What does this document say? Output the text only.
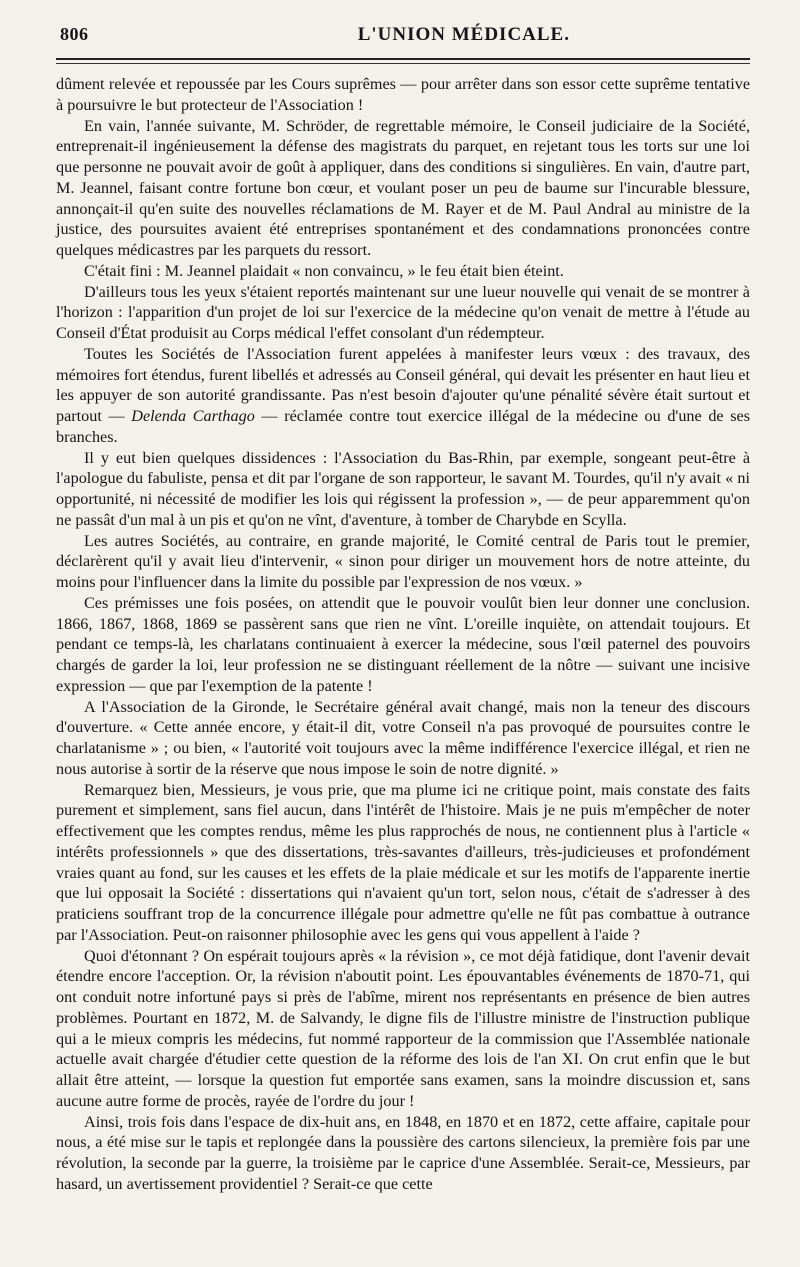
806	L'UNION MÉDICALE.

dûment relevée et repoussée par les Cours suprêmes — pour arrêter dans son essor cette suprême tentative à poursuivre le but protecteur de l'Association !

En vain, l'année suivante, M. Schröder, de regrettable mémoire, le Conseil judiciaire de la Société, entreprenait-il ingénieusement la défense des magistrats du parquet, en rejetant tous les torts sur une loi que personne ne pouvait avoir de goût à appliquer, dans des conditions si singulières. En vain, d'autre part, M. Jeannel, faisant contre fortune bon cœur, et voulant poser un peu de baume sur l'incurable blessure, annonçait-il qu'en suite des nouvelles réclamations de M. Rayer et de M. Paul Andral au ministre de la justice, des poursuites avaient été entreprises spontanément et des condamnations prononcées contre quelques médicastres par les parquets du ressort.

C'était fini : M. Jeannel plaidait « non convaincu, » le feu était bien éteint.

D'ailleurs tous les yeux s'étaient reportés maintenant sur une lueur nouvelle qui venait de se montrer à l'horizon : l'apparition d'un projet de loi sur l'exercice de la médecine qu'on venait de mettre à l'étude au Conseil d'État produisit au Corps médical l'effet consolant d'un rédempteur.

Toutes les Sociétés de l'Association furent appelées à manifester leurs vœux : des travaux, des mémoires fort étendus, furent libellés et adressés au Conseil général, qui devait les présenter en haut lieu et les appuyer de son autorité grandissante. Pas n'est besoin d'ajouter qu'une pénalité sévère était surtout et partout — Delenda Carthago — réclamée contre tout exercice illégal de la médecine ou d'une de ses branches.

Il y eut bien quelques dissidences : l'Association du Bas-Rhin, par exemple, songeant peut-être à l'apologue du fabuliste, pensa et dit par l'organe de son rapporteur, le savant M. Tourdes, qu'il n'y avait « ni opportunité, ni nécessité de modifier les lois qui régissent la profession », — de peur apparemment qu'on ne passât d'un mal à un pis et qu'on ne vînt, d'aventure, à tomber de Charybde en Scylla.

Les autres Sociétés, au contraire, en grande majorité, le Comité central de Paris tout le premier, déclarèrent qu'il y avait lieu d'intervenir, « sinon pour diriger un mouvement hors de notre atteinte, du moins pour l'influencer dans la limite du possible par l'expression de nos vœux. »

Ces prémisses une fois posées, on attendit que le pouvoir voulût bien leur donner une conclusion. 1866, 1867, 1868, 1869 se passèrent sans que rien ne vînt. L'oreille inquiète, on attendait toujours. Et pendant ce temps-là, les charlatans continuaient à exercer la médecine, sous l'œil paternel des pouvoirs chargés de garder la loi, leur profession ne se distinguant réellement de la nôtre — suivant une incisive expression — que par l'exemption de la patente !

A l'Association de la Gironde, le Secrétaire général avait changé, mais non la teneur des discours d'ouverture. « Cette année encore, y était-il dit, votre Conseil n'a pas provoqué de poursuites contre le charlatanisme » ; ou bien, « l'autorité voit toujours avec la même indifférence l'exercice illégal, et rien ne nous autorise à sortir de la réserve que nous impose le soin de notre dignité. »

Remarquez bien, Messieurs, je vous prie, que ma plume ici ne critique point, mais constate des faits purement et simplement, sans fiel aucun, dans l'intérêt de l'histoire. Mais je ne puis m'empêcher de noter effectivement que les comptes rendus, même les plus rapprochés de nous, ne contiennent plus à l'article « intérêts professionnels » que des dissertations, très-savantes d'ailleurs, très-judicieuses et profondément vraies quant au fond, sur les causes et les effets de la plaie médicale et sur les motifs de l'apparente inertie que lui opposait la Société : dissertations qui n'avaient qu'un tort, selon nous, c'était de s'adresser à des praticiens souffrant trop de la concurrence illégale pour admettre qu'elle ne fût pas combattue à outrance par l'Association. Peut-on raisonner philosophie avec les gens qui vous appellent à l'aide ?

Quoi d'étonnant ? On espérait toujours après « la révision », ce mot déjà fatidique, dont l'avenir devait étendre encore l'acception. Or, la révision n'aboutit point. Les épouvantables événements de 1870-71, qui ont conduit notre infortuné pays si près de l'abîme, mirent nos représentants en présence de bien autres problèmes. Pourtant en 1872, M. de Salvandy, le digne fils de l'illustre ministre de l'instruction publique qui a le mieux compris les médecins, fut nommé rapporteur de la commission que l'Assemblée nationale actuelle avait chargée d'étudier cette question de la réforme des lois de l'an XI. On crut enfin que le but allait être atteint, — lorsque la question fut emportée sans examen, sans la moindre discussion et, sans aucune autre forme de procès, rayée de l'ordre du jour !

Ainsi, trois fois dans l'espace de dix-huit ans, en 1848, en 1870 et en 1872, cette affaire, capitale pour nous, a été mise sur le tapis et replongée dans la poussière des cartons silencieux, la première fois par une révolution, la seconde par la guerre, la troisième par le caprice d'une Assemblée. Serait-ce, Messieurs, par hasard, un avertissement providentiel ? Serait-ce que cette
